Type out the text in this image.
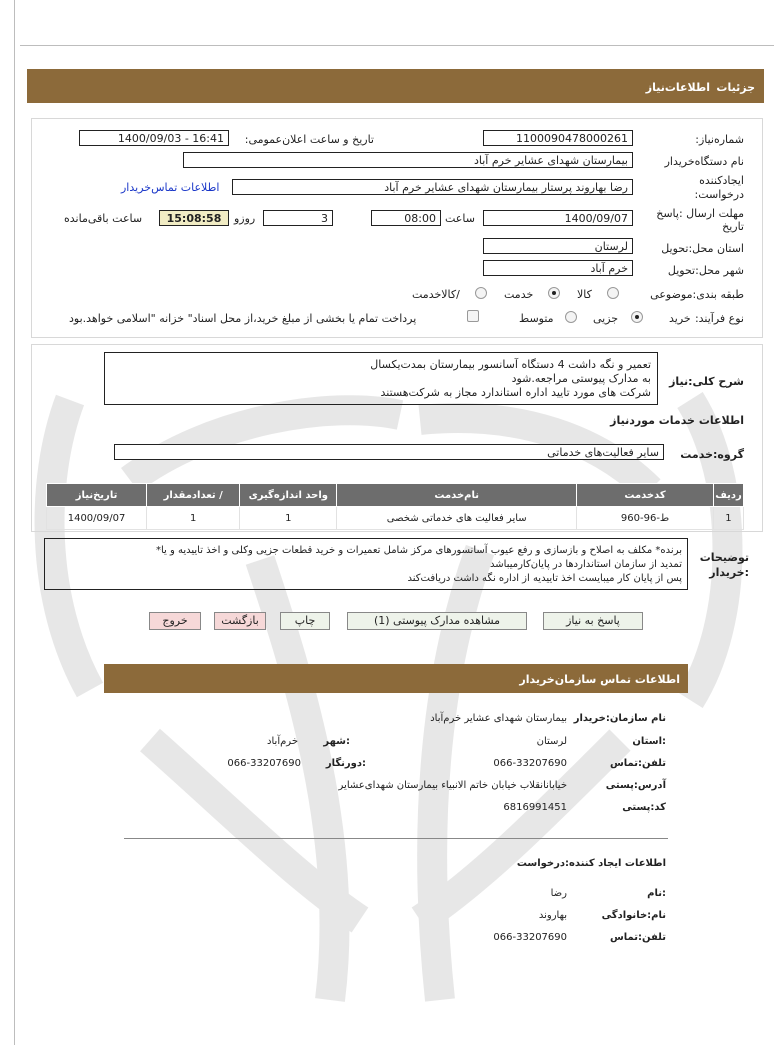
جزئیات
اطلاعات‌نیاز
شماره‌نیاز:
1100090478000261
تاریخ و ساعت اعلان‌عمومی:
1400/09/03 - 16:41
نام دستگاه‌خریدار
بیمارستان شهدای عشایر خرم آباد
ایجادکننده
درخواست:
رضا بهاروند پرستار بیمارستان شهدای عشایر خرم آباد
اطلاعات تماس‌خریدار
مهلت ارسال :پاسخ
تاریخ
1400/09/07
ساعت
08:00
3
روزو
15:08:58
ساعت باقی‌مانده
استان محل:تحویل
لرستان
شهر محل:تحویل
خرم آباد
طبقه بندی:موضوعی
کالا
خدمت
/کالاخدمت
نوع فرآیند:
خرید
جزیی
متوسط
پرداخت تمام یا بخشی از مبلغ خرید،از محل اسناد" خزانه "اسلامی خواهد.بود
شرح کلی:نیاز
تعمیر و نگه داشت 4 دستگاه آسانسور بیمارستان بمدت‌یکسال
به مدارک پیوستی مراجعه.شود
شرکت های مورد تایید اداره استاندارد مجاز به شرکت‌هستند
اطلاعات خدمات موردنیاز
گروه:خدمت
سایر فعالیت‌های خدماتی
تاریخ‌نیاز	تعدادمقدار /	واحد اندازه‌گیری	نام‌خدمت	کدخدمت	ردیف
1400/09/07	1	1	سایر فعالیت های خدماتی شخصی	ط-96-960	1
توضیحات
:خریدار
برنده* مکلف به اصلاح و بازسازی و رفع عیوب آسانسورهای مرکز شامل تعمیرات و خرید قطعات جزیی وکلی و اخذ تاییدیه و یا*
تمدید از سازمان استانداردها در پایان‌کارمیباشد
پس از پایان کار میبایست اخذ تاییدیه از اداره نگه داشت دریافت‌کند
پاسخ به نیاز
مشاهده مدارک پیوستی (1)
چاپ
بازگشت
خروج
اطلاعات تماس سازمان‌خریدار
نام سازمان:خریدار
بیمارستان شهدای عشایر خرم‌آباد
:استان
لرستان
:شهر
خرم‌آباد
تلفن:تماس
066-33207690
:دورنگار
066-33207690
آدرس:پستی
خیابانانقلاب خیابان خاتم الانبیاء بیمارستان شهدای‌عشایر
کد:پستی
6816991451
اطلاعات ایجاد کننده:درخواست
:نام
رضا
نام:خانوادگی
بهاروند
تلفن:تماس
066-33207690
